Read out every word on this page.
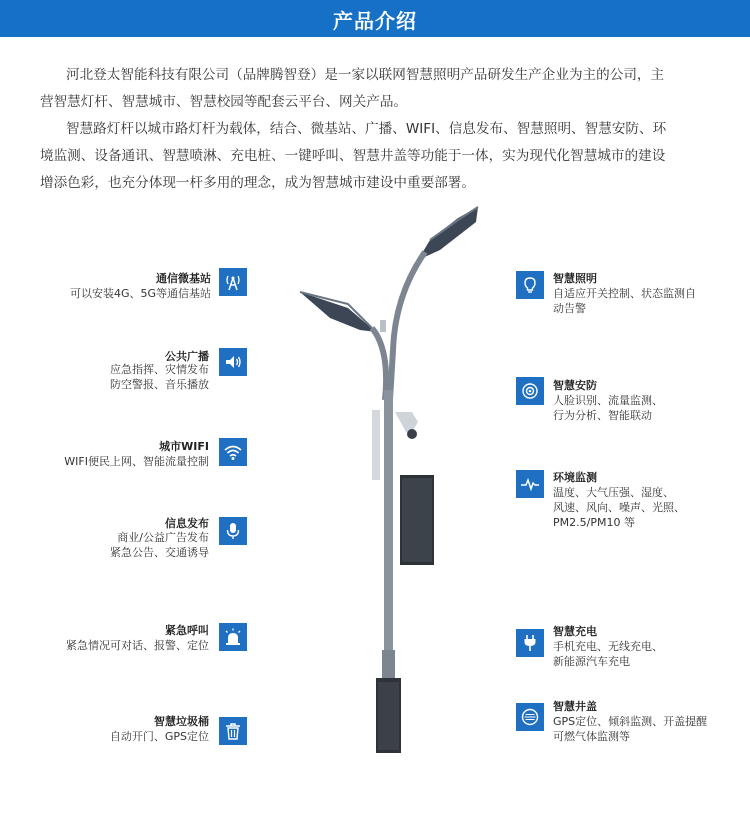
产品介绍
河北登太智能科技有限公司（品牌腾智登）是一家以联网智慧照明产品研发生产企业为主的公司，主
营智慧灯杆、智慧城市、智慧校园等配套云平台、网关产品。
智慧路灯杆以城市路灯杆为载体，结合、微基站、广播、WIFI、信息发布、智慧照明、智慧安防、环
境监测、设备通讯、智慧喷淋、充电桩、一键呼叫、智慧井盖等功能于一体，实为现代化智慧城市的建设
增添色彩，也充分体现一杆多用的理念，成为智慧城市建设中重要部署。
通信微基站
可以安装4G、5G等通信基站
公共广播
应急指挥、灾情发布
防空警报、音乐播放
城市WIFI
WIFI便民上网、智能流量控制
信息发布
商业/公益广告发布
紧急公告、交通诱导
紧急呼叫
紧急情况可对话、报警、定位
智慧垃圾桶
自动开门、GPS定位
智慧照明
自适应开关控制、状态监测自
动告警
智慧安防
人脸识别、流量监测、
行为分析、智能联动
环境监测
温度、大气压强、湿度、
风速、风向、噪声、光照、
PM2.5/PM10 等
智慧充电
手机充电、无线充电、
新能源汽车充电
智慧井盖
GPS定位、倾斜监测、开盖提醒
可燃气体监测等
